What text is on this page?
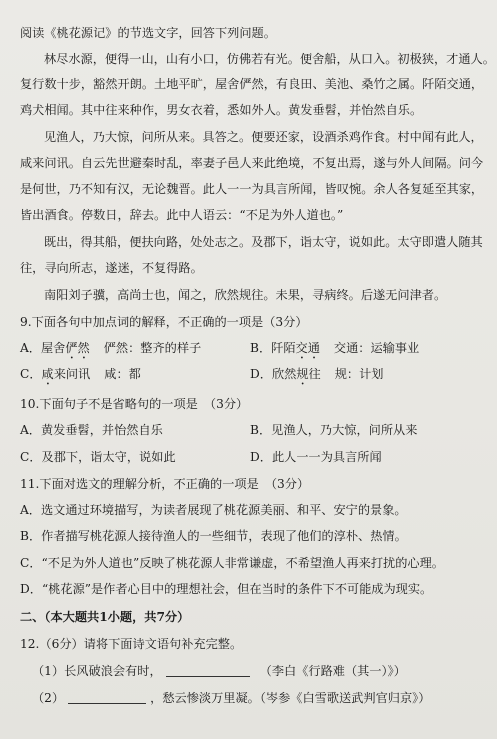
阅读《桃花源记》的节选文字，回答下列问题。
林尽水源，便得一山，山有小口，仿佛若有光。便舍船，从口入。初极狭，才通人。
复行数十步，豁然开朗。土地平旷，屋舍俨然，有良田、美池、桑竹之属。阡陌交通，
鸡犬相闻。其中往来种作，男女衣着，悉如外人。黄发垂髫，并怡然自乐。
见渔人，乃大惊，问所从来。具答之。便要还家，设酒杀鸡作食。村中闻有此人，
咸来问讯。自云先世避秦时乱，率妻子邑人来此绝境，不复出焉，遂与外人间隔。问今
是何世，乃不知有汉，无论魏晋。此人一一为具言所闻，皆叹惋。余人各复延至其家，
皆出酒食。停数日，辞去。此中人语云：“不足为外人道也。”
既出，得其船，便扶向路，处处志之。及郡下，诣太守，说如此。太守即遣人随其
往，寻向所志，遂迷，不复得路。
南阳刘子骥，高尚士也，闻之，欣然规往。未果，寻病终。后遂无问津者。
9.下面各句中加点词的解释，不正确的一项是（3分）
A．屋舍俨然 俨然：整齐的样子	B．阡陌交通 交通：运输事业
C．咸来问讯 咸：都	D．欣然规往 规：计划
10.下面句子不是省略句的一项是　（3分）
A．黄发垂髫，并怡然自乐	B．见渔人，乃大惊，问所从来
C．及郡下，诣太守，说如此	D．此人一一为具言所闻
11.下面对选文的理解分析，不正确的一项是　（3分）
A．选文通过环境描写，为读者展现了桃花源美丽、和平、安宁的景象。
B．作者描写桃花源人接待渔人的一些细节，表现了他们的淳朴、热情。
C．“不足为外人道也”反映了桃花源人非常谦虚，不希望渔人再来打扰的心理。
D．“桃花源”是作者心目中的理想社会，但在当时的条件下不可能成为现实。
二、（本大题共1小题，共7分）
12.（6分）请将下面诗文语句补充完整。
（1）长风破浪会有时，	（李白《行路难（其一）》）
（2）	，愁云惨淡万里凝。（岑参《白雪歌送武判官归京》）
